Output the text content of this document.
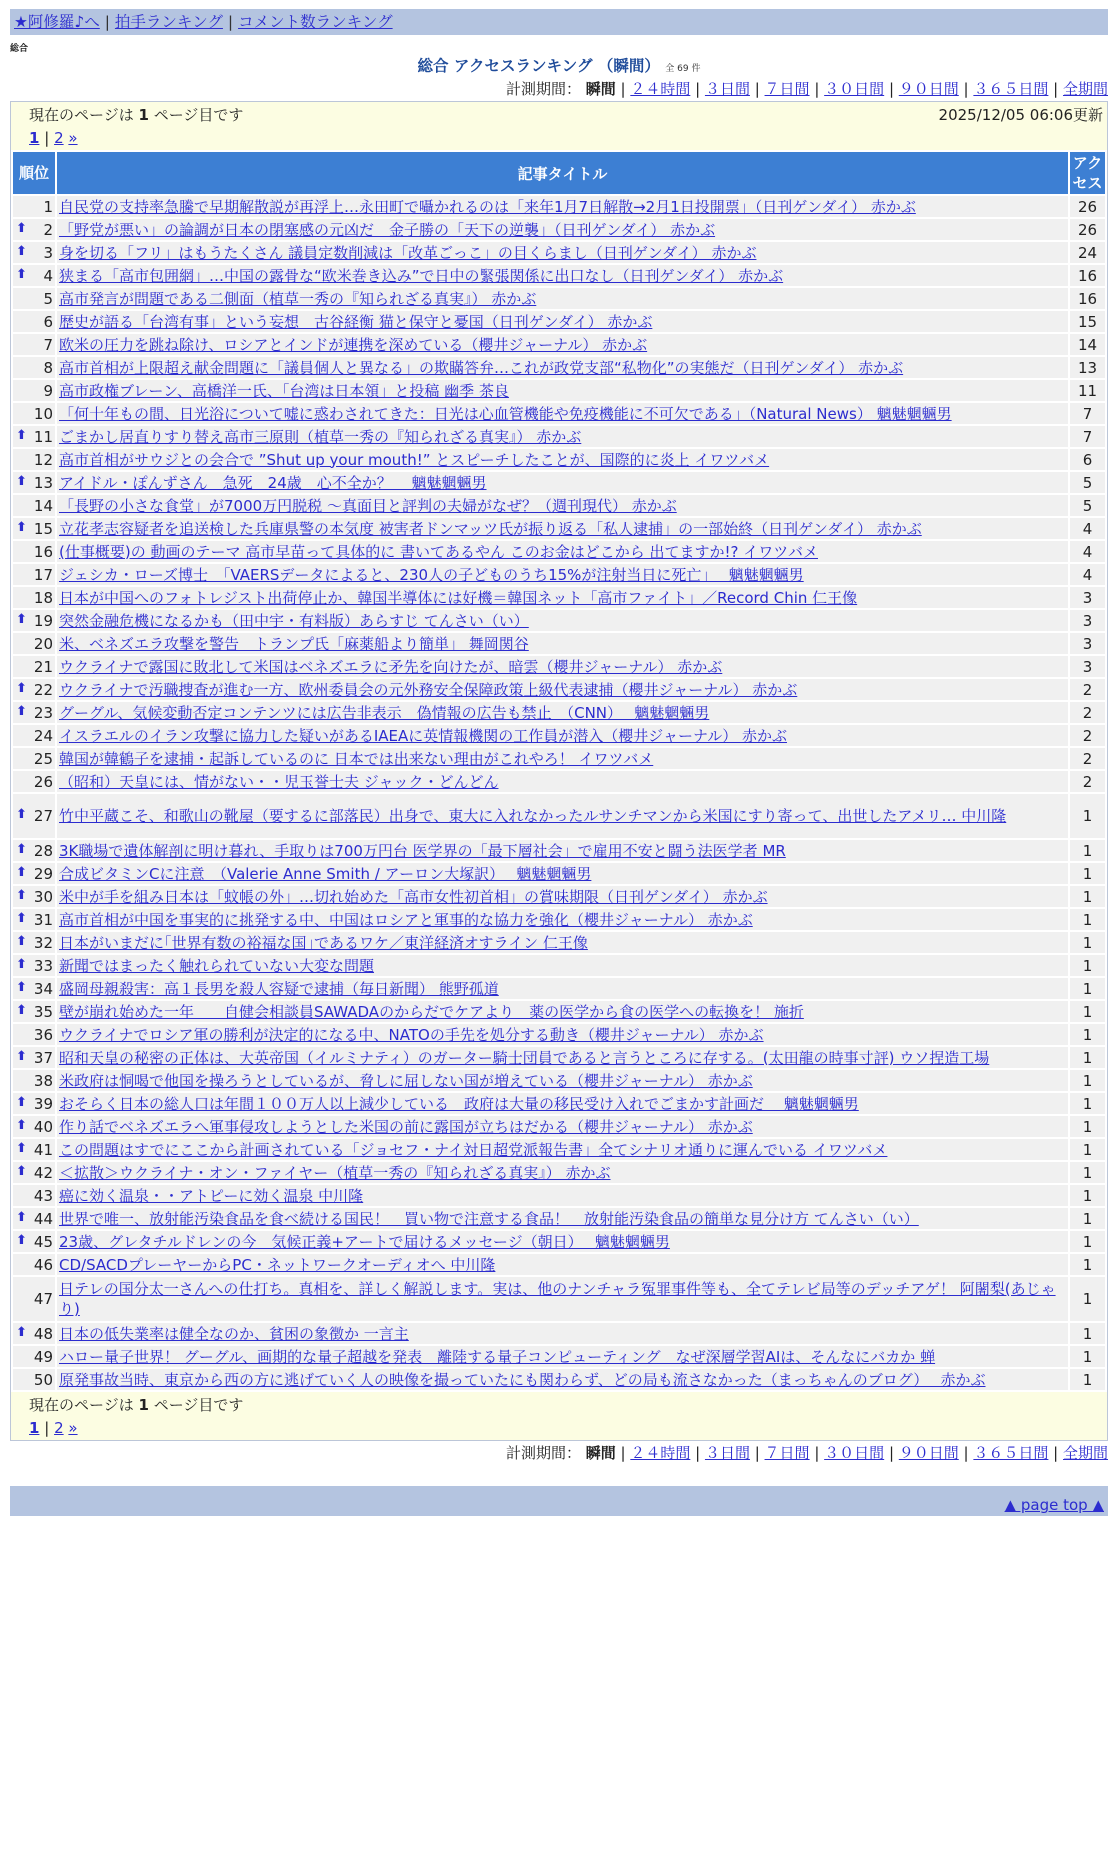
★阿修羅♪へ | 拍手ランキング | コメント数ランキング
総合
総合 アクセスランキング （瞬間） 全 69 件
計測期間： 瞬間 | ２４時間 | ３日間 | ７日間 | ３０日間 | ９０日間 | ３６５日間 | 全期間
現在のページは 1 ページ目です	2025/12/05 06:06更新
1 | 2 »
順位	記事タイトル	アクセス
1	自民党の支持率急騰で早期解散説が再浮上…永田町で囁かれるのは「来年1月7日解散→2月1日投開票」（日刊ゲンダイ） 赤かぶ	26

⬆ 2	「野党が悪い」の論調が日本の閉塞感の元凶だ　金子勝の「天下の逆襲」（日刊ゲンダイ） 赤かぶ	26

⬆ 3	身を切る「フリ」はもうたくさん 議員定数削減は「改革ごっこ」の目くらまし（日刊ゲンダイ） 赤かぶ	24

⬆ 4	狭まる「高市包囲網」…中国の露骨な“欧米巻き込み”で日中の緊張関係に出口なし（日刊ゲンダイ） 赤かぶ	16
5	高市発言が問題である二側面（植草一秀の『知られざる真実』） 赤かぶ	16
6	歴史が語る「台湾有事」という妄想　古谷経衡 猫と保守と憂国（日刊ゲンダイ） 赤かぶ	15
7	欧米の圧力を跳ね除け、ロシアとインドが連携を深めている（櫻井ジャーナル） 赤かぶ	14
8	高市首相が上限超え献金問題に「議員個人と異なる」の欺瞞答弁…これが政党支部“私物化”の実態だ（日刊ゲンダイ） 赤かぶ	13
9	高市政権ブレーン、高橋洋一氏、「台湾は日本領」と投稿 幽季 茶良	11
10	「何十年もの間、日光浴について嘘に惑わされてきた：日光は心血管機能や免疫機能に不可欠である」（Natural News） 魑魅魍魎男	7

⬆ 11	ごまかし居直りすり替え高市三原則（植草一秀の『知られざる真実』） 赤かぶ	7
12	高市首相がサウジとの会合で ”Shut up your mouth!” とスピーチしたことが、国際的に炎上 イワツバメ	6

⬆ 13	アイドル・ぽんずさん　急死　24歳　心不全か？　 魑魅魍魎男	5
14	「長野の小さな食堂」が7000万円脱税 ～真面目と評判の夫婦がなぜ？（週刊現代） 赤かぶ	5

⬆ 15	立花孝志容疑者を追送検した兵庫県警の本気度 被害者ドンマッツ氏が振り返る「私人逮捕」の一部始終（日刊ゲンダイ） 赤かぶ	4
16	(仕事概要)の 動画のテーマ 高市早苗って具体的に 書いてあるやん このお金はどこから 出てますか!? イワツバメ	4
17	ジェシカ・ローズ博士　「VAERSデータによると、230人の子どものうち15%が注射当日に死亡」　 魑魅魍魎男	4
18	日本が中国へのフォトレジスト出荷停止か、韓国半導体には好機＝韓国ネット「高市ファイト」／Record Chin 仁王像	3

⬆ 19	突然金融危機になるかも（田中宇・有料版）あらすじ てんさい（い）	3
20	米、ベネズエラ攻撃を警告　トランプ氏「麻薬船より簡単」 舞岡関谷	3
21	ウクライナで露国に敗北して米国はベネズエラに矛先を向けたが、暗雲（櫻井ジャーナル） 赤かぶ	3

⬆ 22	ウクライナで汚職捜査が進む一方、欧州委員会の元外務安全保障政策上級代表逮捕（櫻井ジャーナル） 赤かぶ	2

⬆ 23	グーグル、気候変動否定コンテンツには広告非表示　偽情報の広告も禁止　（CNN）　 魑魅魍魎男	2
24	イスラエルのイラン攻撃に協力した疑いがあるIAEAに英情報機関の工作員が潜入（櫻井ジャーナル） 赤かぶ	2
25	韓国が韓鶴子を逮捕・起訴しているのに 日本では出来ない理由がこれやろ！ イワツバメ	2
26	（昭和）天皇には、情がない・・児玉誉士夫 ジャック・どんどん	2

⬆ 27	竹中平蔵こそ、和歌山の靴屋（要するに部落民）出身で、東大に入れなかったルサンチマンから米国にすり寄って、出世したアメリ… 中川隆	1

⬆ 28	3K職場で遺体解剖に明け暮れ、手取りは700万円台 医学界の「最下層社会」で雇用不安と闘う法医学者 MR	1

⬆ 29	合成ビタミンCに注意　（Valerie Anne Smith / アーロン大塚訳）　 魑魅魍魎男	1

⬆ 30	米中が手を組み日本は「蚊帳の外」…切れ始めた「高市女性初首相」の賞味期限（日刊ゲンダイ） 赤かぶ	1

⬆ 31	高市首相が中国を事実的に挑発する中、中国はロシアと軍事的な協力を強化（櫻井ジャーナル） 赤かぶ	1

⬆ 32	日本がいまだに｢世界有数の裕福な国｣であるワケ／東洋経済オすライン 仁王像	1

⬆ 33	新聞ではまったく触れられていない大変な問題	1

⬆ 34	盛岡母親殺害：高１長男を殺人容疑で逮捕（毎日新聞） 熊野孤道	1

⬆ 35	壁が崩れ始めた一年　　自健会相談員SAWADAのからだでケアより　薬の医学から食の医学への転換を！ 施折	1
36	ウクライナでロシア軍の勝利が決定的になる中、NATOの手先を処分する動き（櫻井ジャーナル） 赤かぶ	1

⬆ 37	昭和天皇の秘密の正体は、大英帝国（イルミナティ）のガーター騎士団員であると言うところに存する。(太田龍の時事寸評) ウソ捏造工場	1
38	米政府は恫喝で他国を操ろうとしているが、脅しに屈しない国が増えている（櫻井ジャーナル） 赤かぶ	1

⬆ 39	おそらく日本の総人口は年間１００万人以上減少している　政府は大量の移民受け入れでごまかす計画だ　 魑魅魍魎男	1

⬆ 40	作り話でベネズエラへ軍事侵攻しようとした米国の前に露国が立ちはだかる（櫻井ジャーナル） 赤かぶ	1

⬆ 41	この問題はすでにここから計画されている「ジョセフ・ナイ対日超党派報告書」全てシナリオ通りに運んでいる イワツバメ	1

⬆ 42	＜拡散＞ウクライナ・オン・ファイヤー（植草一秀の『知られざる真実』） 赤かぶ	1
43	癌に効く温泉・・アトピーに効く温泉 中川隆	1

⬆ 44	世界で唯一、放射能汚染食品を食べ続ける国民！　買い物で注意する食品！　放射能汚染食品の簡単な見分け方 てんさい（い）	1

⬆ 45	23歳、グレタチルドレンの今　気候正義+アートで届けるメッセージ（朝日）　 魑魅魍魎男	1
46	CD/SACDプレーヤーからPC・ネットワークオーディオへ 中川隆	1
47	日テレの国分太一さんへの仕打ち。真相を、詳しく解説します。実は、他のナンチャラ冤罪事件等も、全てテレビ局等のデッチアゲ！ 阿闍梨(あじゃり)	1

⬆ 48	日本の低失業率は健全なのか、貧困の象徴か 一言主	1
49	ハロー量子世界！ グーグル、画期的な量子超越を発表　離陸する量子コンピューティング　なぜ深層学習AIは、そんなにバカか 蝉	1
50	原発事故当時、東京から西の方に逃げていく人の映像を撮っていたにも関わらず、どの局も流さなかった（まっちゃんのブログ）　 赤かぶ	1
現在のページは 1 ページ目です
1 | 2 »
計測期間： 瞬間 | ２４時間 | ３日間 | ７日間 | ３０日間 | ９０日間 | ３６５日間 | 全期間
▲ page top ▲
